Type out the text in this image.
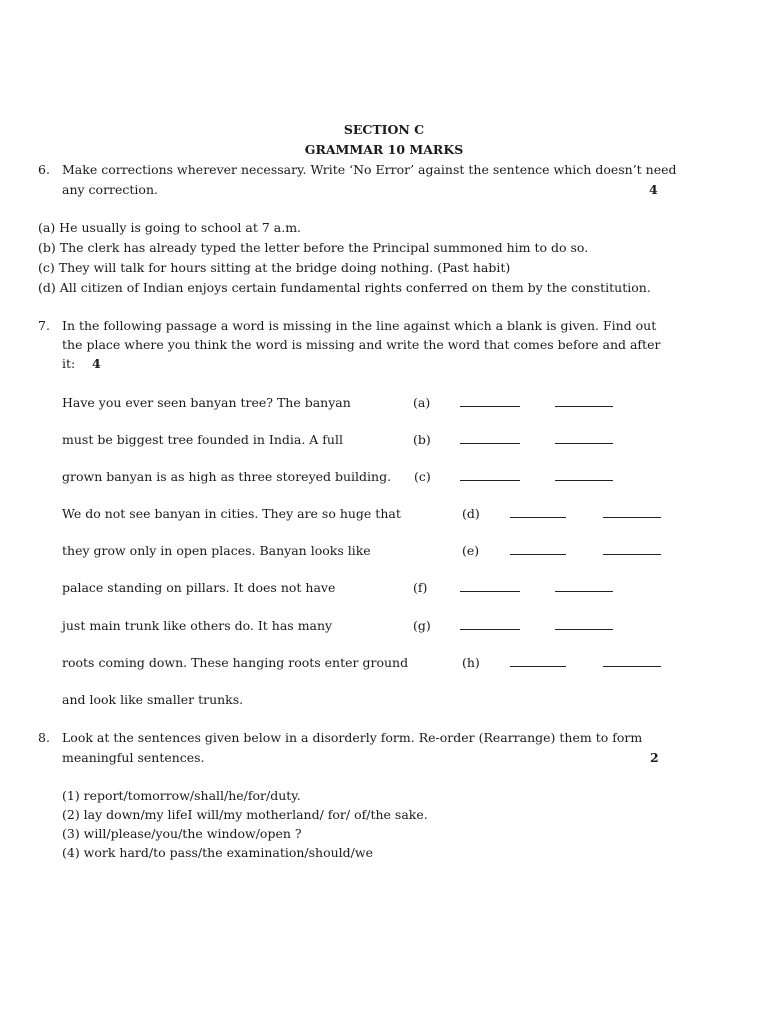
SECTION C
GRAMMAR 10 MARKS
6. Make corrections wherever necessary. Write ‘No Error’ against the sentence which doesn’t need
any correction.	4
(a) He usually is going to school at 7 a.m.
(b) The clerk has already typed the letter before the Principal summoned him to do so.
(c) They will talk for hours sitting at the bridge doing nothing. (Past habit)
(d) All citizen of Indian enjoys certain fundamental rights conferred on them by the constitution.
7. In the following passage a word is missing in the line against which a blank is given. Find out
the place where you think the word is missing and write the word that comes before and after
it: 4
Have you ever seen banyan tree? The banyan	(a)
must be biggest tree founded in India. A full	(b)
grown banyan is as high as three storeyed building. (c)
We do not see banyan in cities. They are so huge that	(d)
they grow only in open places. Banyan looks like	(e)
palace standing on pillars. It does not have	(f)
just main trunk like others do. It has many	(g)
roots coming down. These hanging roots enter ground	(h)
and look like smaller trunks.
8. Look at the sentences given below in a disorderly form. Re-order (Rearrange) them to form
meaningful sentences.	2
(1) report/tomorrow/shall/he/for/duty.
(2) lay down/my lifeI will/my motherland/ for/ of/the sake.
(3) will/please/you/the window/open ?
(4) work hard/to pass/the examination/should/we
